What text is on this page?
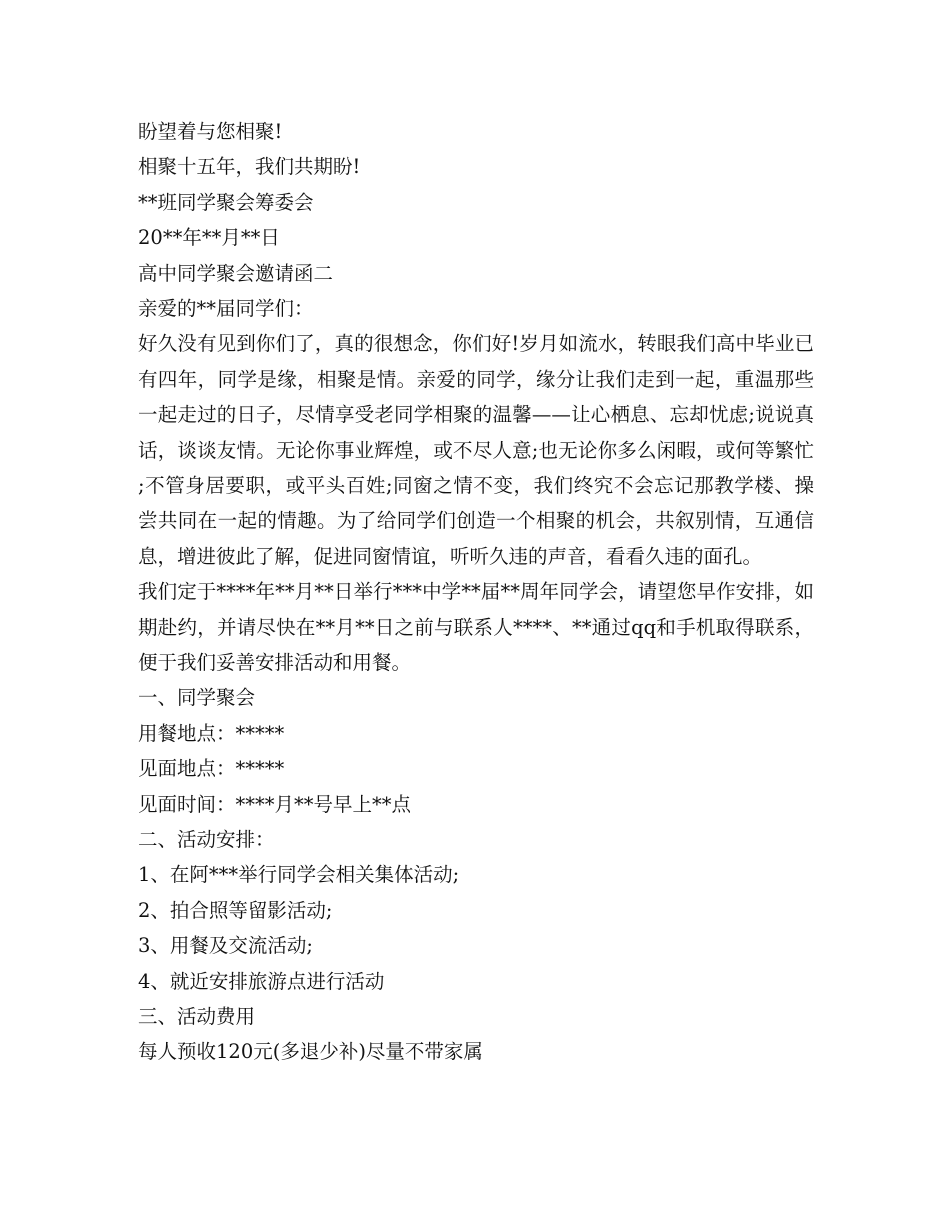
盼望着与您相聚!
相聚十五年，我们共期盼!
**班同学聚会筹委会
20**年**月**日
高中同学聚会邀请函二
亲爱的**届同学们：
好久没有见到你们了，真的很想念，你们好!岁月如流水，转眼我们高中毕业已有四年，同学是缘，相聚是情。亲爱的同学，缘分让我们走到一起，重温那些一起走过的日子，尽情享受老同学相聚的温馨——让心栖息、忘却忧虑;说说真话，谈谈友情。无论你事业辉煌，或不尽人意;也无论你多么闲暇，或何等繁忙;不管身居要职，或平头百姓;同窗之情不变，我们终究不会忘记那教学楼、操尝共同在一起的情趣。为了给同学们创造一个相聚的机会，共叙别情，互通信息，增进彼此了解，促进同窗情谊，听听久违的声音，看看久违的面孔。
我们定于****年**月**日举行***中学**届**周年同学会，请望您早作安排，如期赴约，并请尽快在**月**日之前与联系人****、**通过qq和手机取得联系，便于我们妥善安排活动和用餐。
一、同学聚会
用餐地点：*****
见面地点：*****
见面时间：****月**号早上**点
二、活动安排：
1、在阿***举行同学会相关集体活动;
2、拍合照等留影活动;
3、用餐及交流活动;
4、就近安排旅游点进行活动
三、活动费用
每人预收120元(多退少补)尽量不带家属
